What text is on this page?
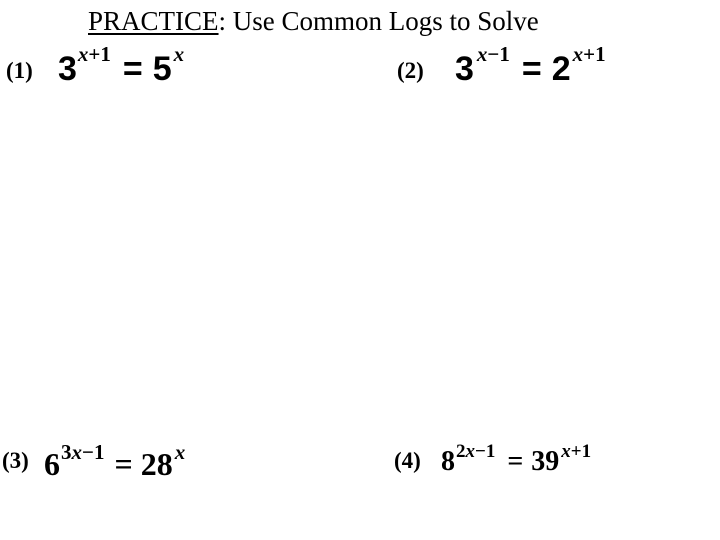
PRACTICE: Use Common Logs to Solve
(1) 3x+1 = 5x
(2) 3 x−1 = 2x+1
(3) 63x−1 = 28x	(4) 82x−1 = 39 x+1
